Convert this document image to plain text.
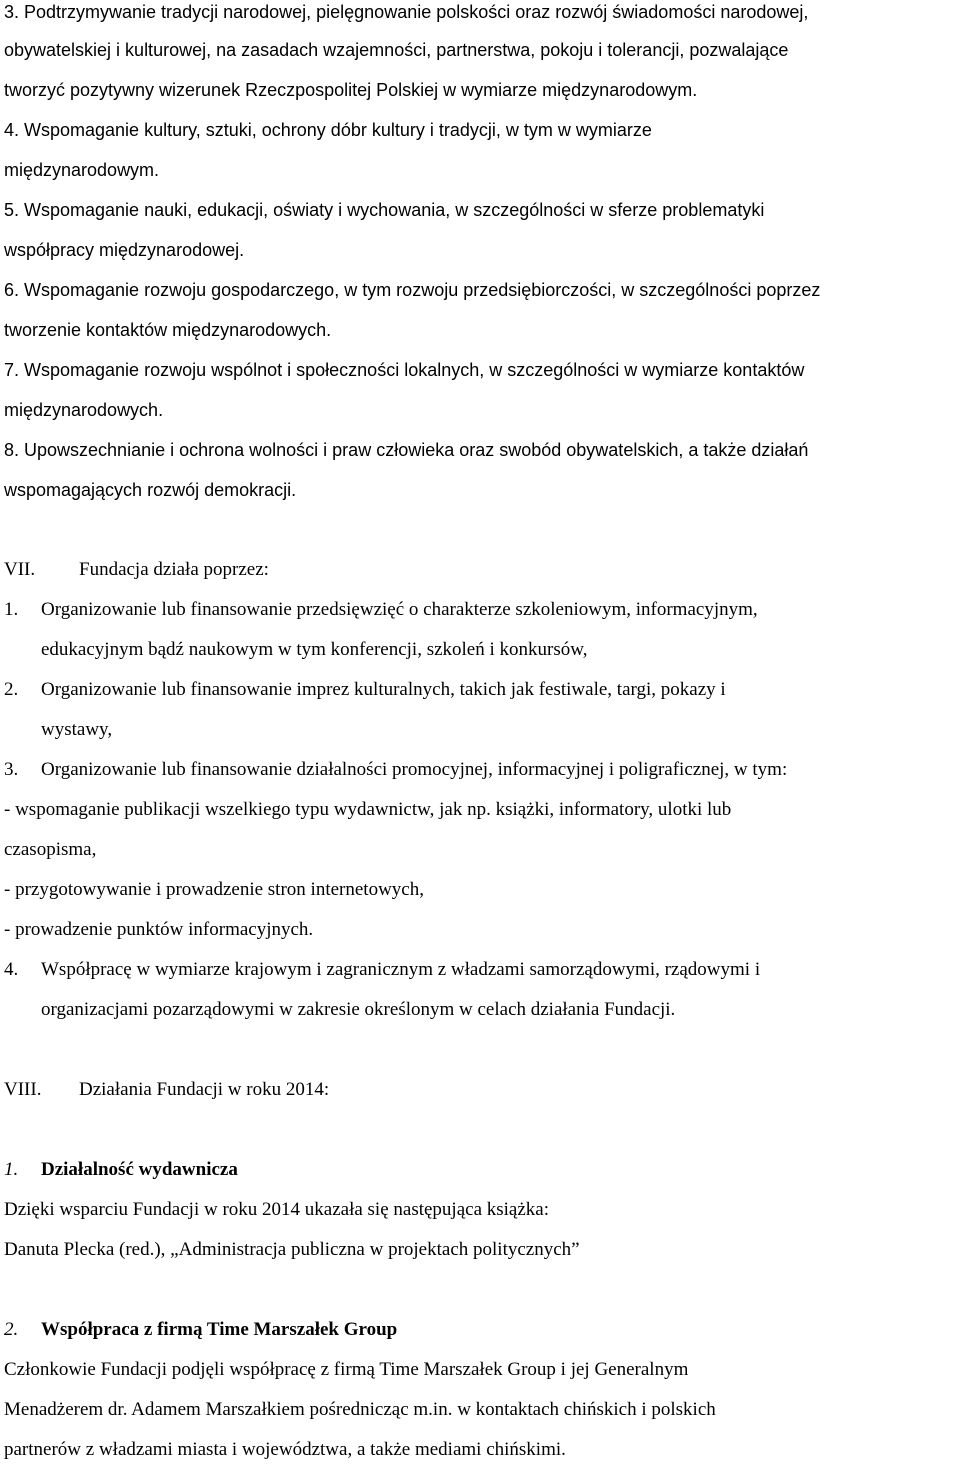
3. Podtrzymywanie tradycji narodowej, pielęgnowanie polskości oraz rozwój świadomości narodowej,
obywatelskiej i kulturowej, na zasadach wzajemności, partnerstwa, pokoju i tolerancji, pozwalające
tworzyć pozytywny wizerunek Rzeczpospolitej Polskiej w wymiarze międzynarodowym.
4. Wspomaganie kultury, sztuki, ochrony dóbr kultury i tradycji, w tym w wymiarze
międzynarodowym.
5. Wspomaganie nauki, edukacji, oświaty i wychowania, w szczególności w sferze problematyki
współpracy międzynarodowej.
6. Wspomaganie rozwoju gospodarczego, w tym rozwoju przedsiębiorczości, w szczególności poprzez
tworzenie kontaktów międzynarodowych.
7. Wspomaganie rozwoju wspólnot i społeczności lokalnych, w szczególności w wymiarze kontaktów
międzynarodowych.
8. Upowszechnianie i ochrona wolności i praw człowieka oraz swobód obywatelskich, a także działań
wspomagających rozwój demokracji.
VII. Fundacja działa poprzez:
1. Organizowanie lub finansowanie przedsięwzięć o charakterze szkoleniowym, informacyjnym,
edukacyjnym bądź naukowym w tym konferencji, szkoleń i konkursów,
2. Organizowanie lub finansowanie imprez kulturalnych, takich jak festiwale, targi, pokazy i
wystawy,
3. Organizowanie lub finansowanie działalności promocyjnej, informacyjnej i poligraficznej, w tym:
- wspomaganie publikacji wszelkiego typu wydawnictw, jak np. książki, informatory, ulotki lub
czasopisma,
- przygotowywanie i prowadzenie stron internetowych,
- prowadzenie punktów informacyjnych.
4. Współpracę w wymiarze krajowym i zagranicznym z władzami samorządowymi, rządowymi i
organizacjami pozarządowymi w zakresie określonym w celach działania Fundacji.
VIII. Działania Fundacji w roku 2014:
1. Działalność wydawnicza
Dzięki wsparciu Fundacji w roku 2014 ukazała się następująca książka:
Danuta Plecka (red.), „Administracja publiczna w projektach politycznych”
2. Współpraca z firmą Time Marszałek Group
Członkowie Fundacji podjęli współpracę z firmą Time Marszałek Group i jej Generalnym
Menadżerem dr. Adamem Marszałkiem pośrednicząc m.in. w kontaktach chińskich i polskich
partnerów z władzami miasta i województwa, a także mediami chińskimi.
